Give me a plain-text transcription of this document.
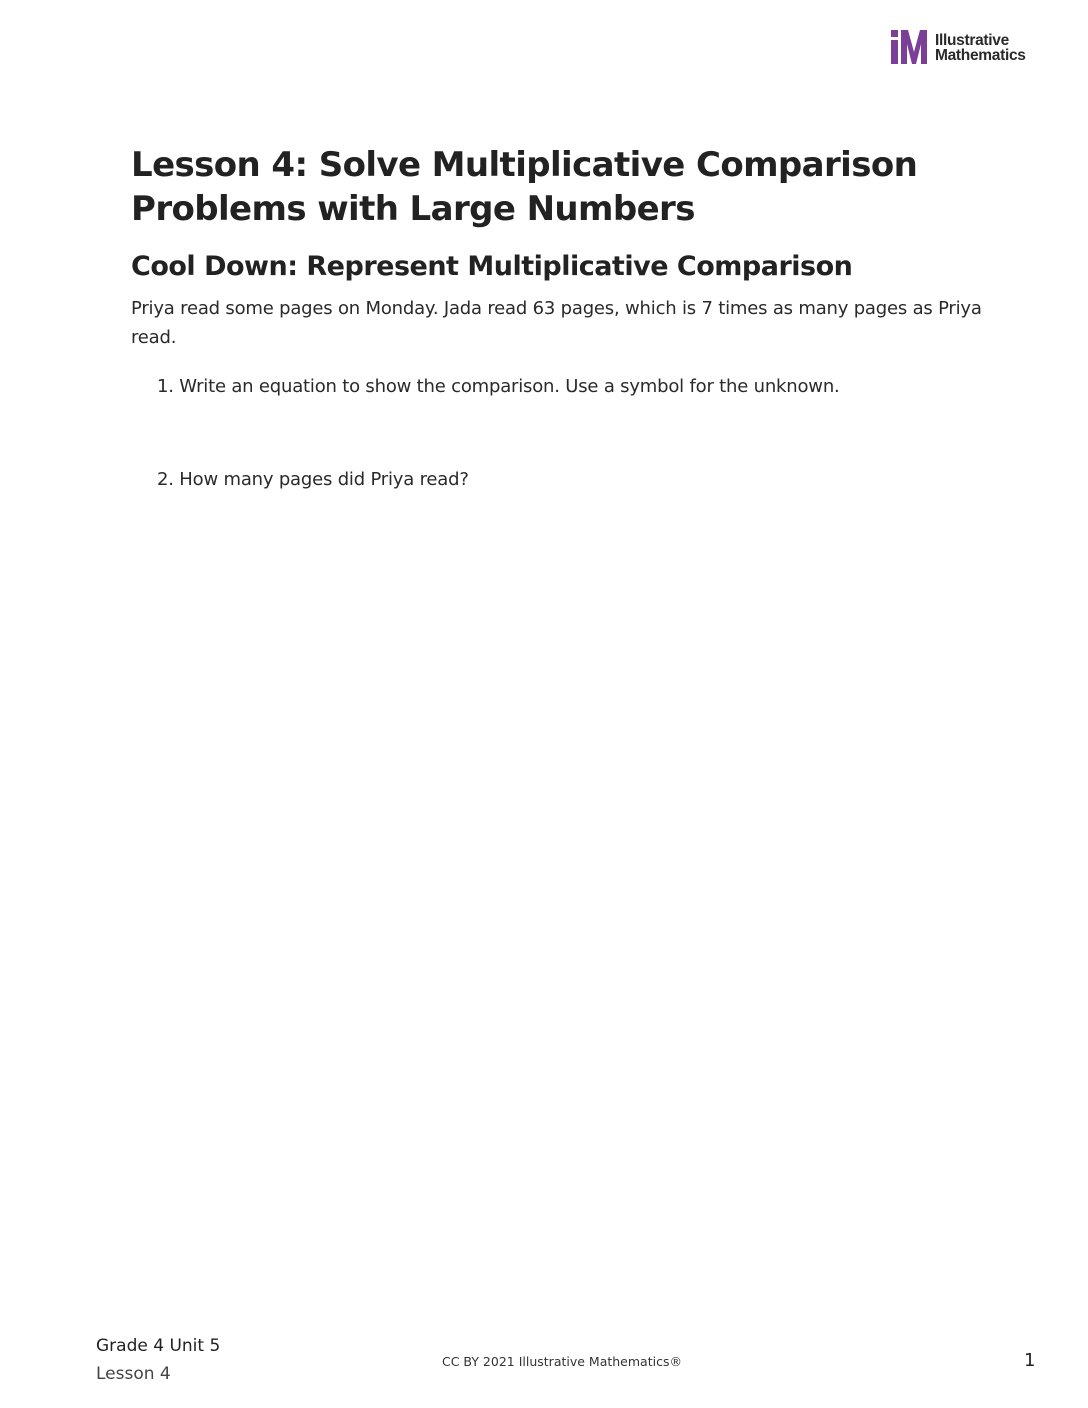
Illustrative
Mathematics
Lesson 4: Solve Multiplicative Comparison Problems with Large Numbers
Cool Down: Represent Multiplicative Comparison

Priya read some pages on Monday. Jada read 63 pages, which is 7 times as many pages as Priya read.

1. Write an equation to show the comparison. Use a symbol for the unknown.

2. How many pages did Priya read?

Grade 4 Unit 5
Lesson 4
CC BY 2021 Illustrative Mathematics®	1
